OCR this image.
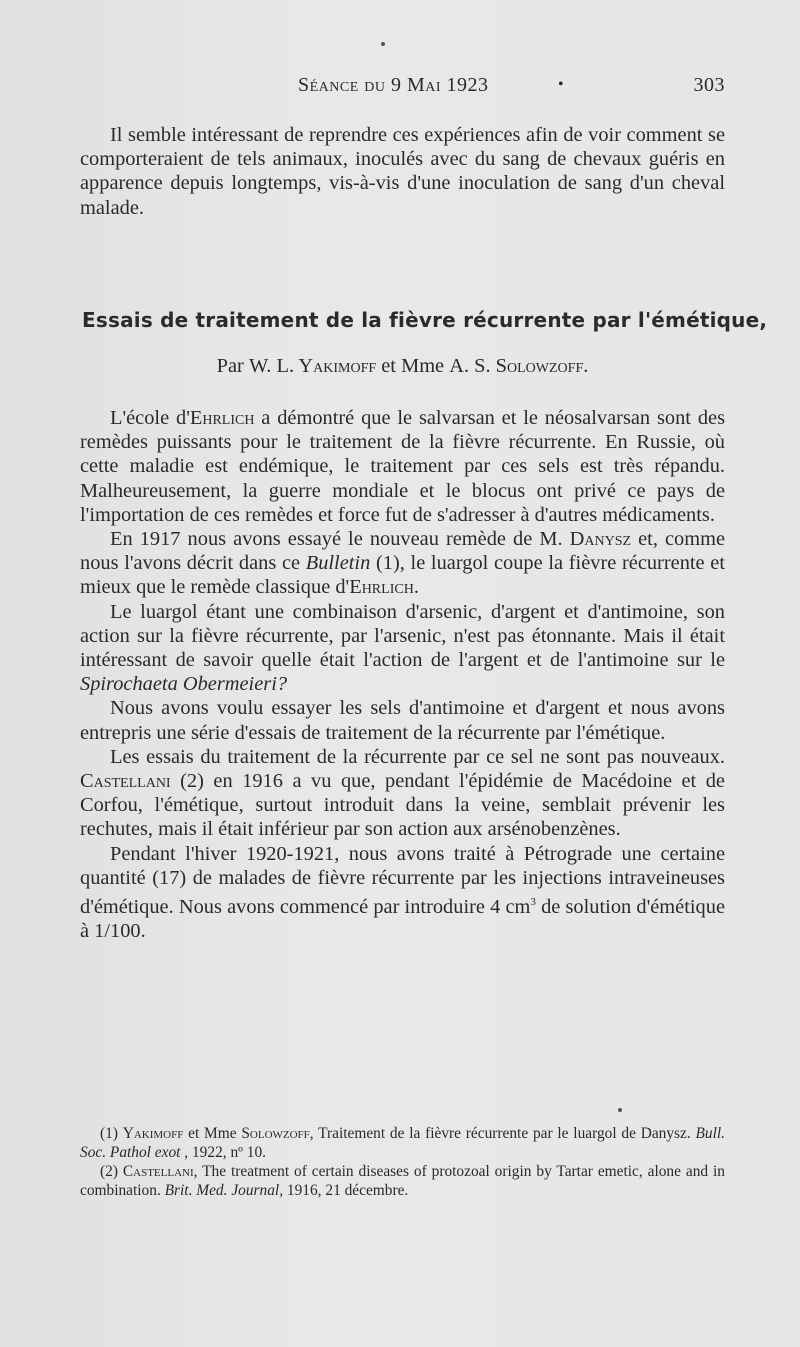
Séance du 9 Mai 1923	•	303

Il semble intéressant de reprendre ces expériences afin de voir comment se comporteraient de tels animaux, inoculés avec du sang de chevaux guéris en apparence depuis longtemps, vis-à-vis d'une inoculation de sang d'un cheval malade.

Essais de traitement de la fièvre récurrente par l'émétique,
Par W. L. Yakimoff et Mme A. S. Solowzoff.

L'école d'Ehrlich a démontré que le salvarsan et le néosalvarsan sont des remèdes puissants pour le traitement de la fièvre récurrente. En Russie, où cette maladie est endémique, le traitement par ces sels est très répandu. Malheureusement, la guerre mondiale et le blocus ont privé ce pays de l'importation de ces remèdes et force fut de s'adresser à d'autres médicaments.

En 1917 nous avons essayé le nouveau remède de M. Danysz et, comme nous l'avons décrit dans ce Bulletin (1), le luargol coupe la fièvre récurrente et mieux que le remède classique d'Ehrlich.

Le luargol étant une combinaison d'arsenic, d'argent et d'antimoine, son action sur la fièvre récurrente, par l'arsenic, n'est pas étonnante. Mais il était intéressant de savoir quelle était l'action de l'argent et de l'antimoine sur le Spirochaeta Obermeieri?

Nous avons voulu essayer les sels d'antimoine et d'argent et nous avons entrepris une série d'essais de traitement de la récurrente par l'émétique.

Les essais du traitement de la récurrente par ce sel ne sont pas nouveaux. Castellani (2) en 1916 a vu que, pendant l'épidémie de Macédoine et de Corfou, l'émétique, surtout introduit dans la veine, semblait prévenir les rechutes, mais il était inférieur par son action aux arsénobenzènes.

Pendant l'hiver 1920-1921, nous avons traité à Pétrograde une certaine quantité (17) de malades de fièvre récurrente par les injections intraveineuses d'émétique. Nous avons commencé par introduire 4 $cm^3$ de solution d'émétique à 1/100.

(1) Yakimoff et Mme Solowzoff, Traitement de la fièvre récurrente par le luargol de Danysz. Bull. Soc. Pathol exot , 1922, nº 10.

(2) Castellani, The treatment of certain diseases of protozoal origin by Tartar emetic, alone and in combination. Brit. Med. Journal, 1916, 21 décembre.
